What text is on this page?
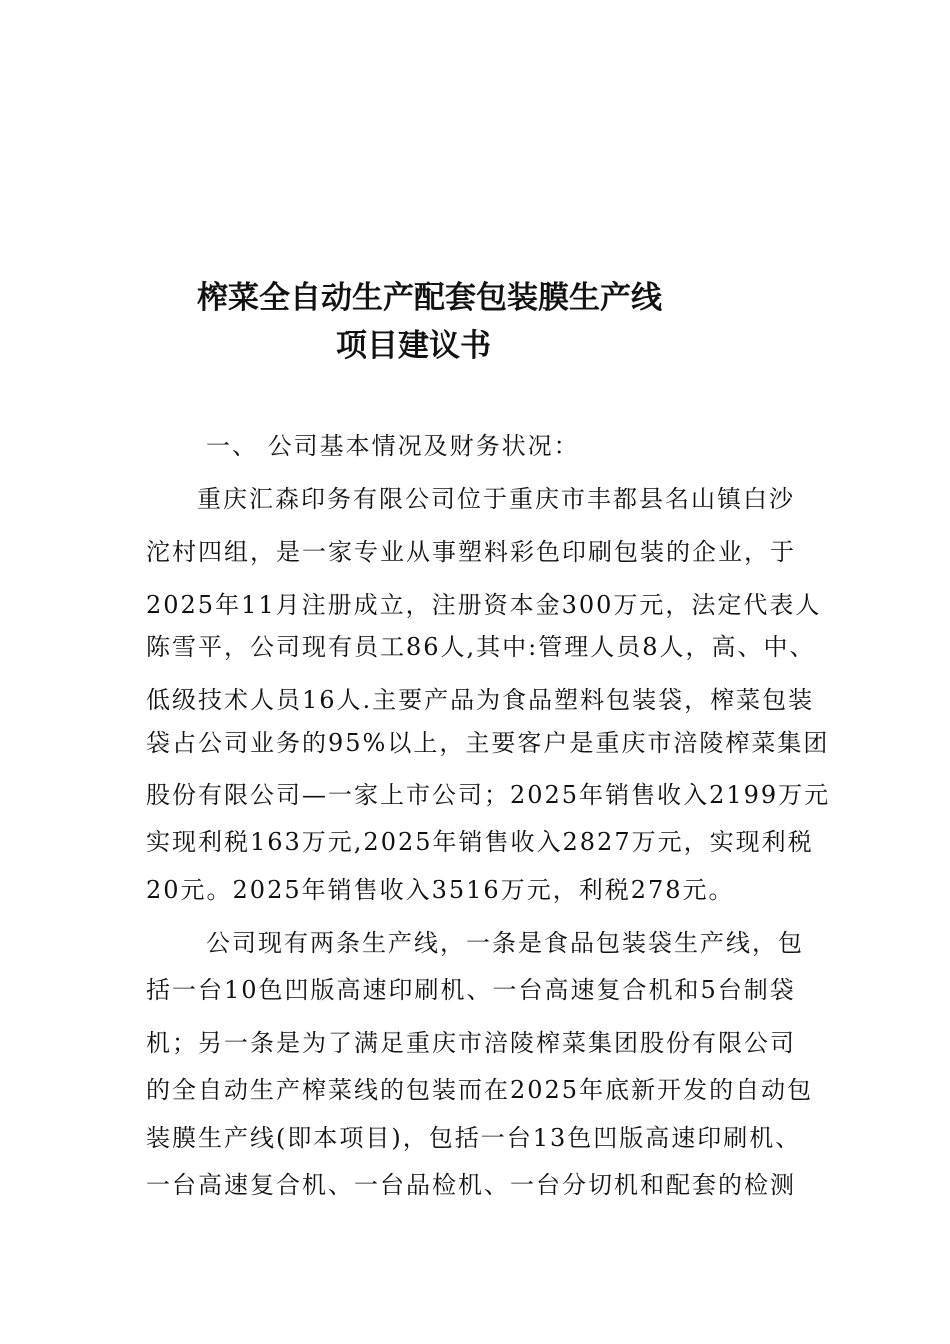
榨菜全自动生产配套包装膜生产线
项目建议书
一、 公司基本情况及财务状况：
重庆汇森印务有限公司位于重庆市丰都县名山镇白沙
沱村四组，是一家专业从事塑料彩色印刷包装的企业，于
2025年11月注册成立，注册资本金300万元，法定代表人
陈雪平，公司现有员工86人,其中:管理人员8人，高、中、
低级技术人员16人.主要产品为食品塑料包装袋，榨菜包装
袋占公司业务的95%以上，主要客户是重庆市涪陵榨菜集团
股份有限公司—一家上市公司；2025年销售收入2199万元
实现利税163万元,2025年销售收入2827万元，实现利税
20元。2025年销售收入3516万元，利税278元。
公司现有两条生产线，一条是食品包装袋生产线，包
括一台10色凹版高速印刷机、一台高速复合机和5台制袋
机；另一条是为了满足重庆市涪陵榨菜集团股份有限公司
的全自动生产榨菜线的包装而在2025年底新开发的自动包
装膜生产线(即本项目)，包括一台13色凹版高速印刷机、
一台高速复合机、一台品检机、一台分切机和配套的检测
